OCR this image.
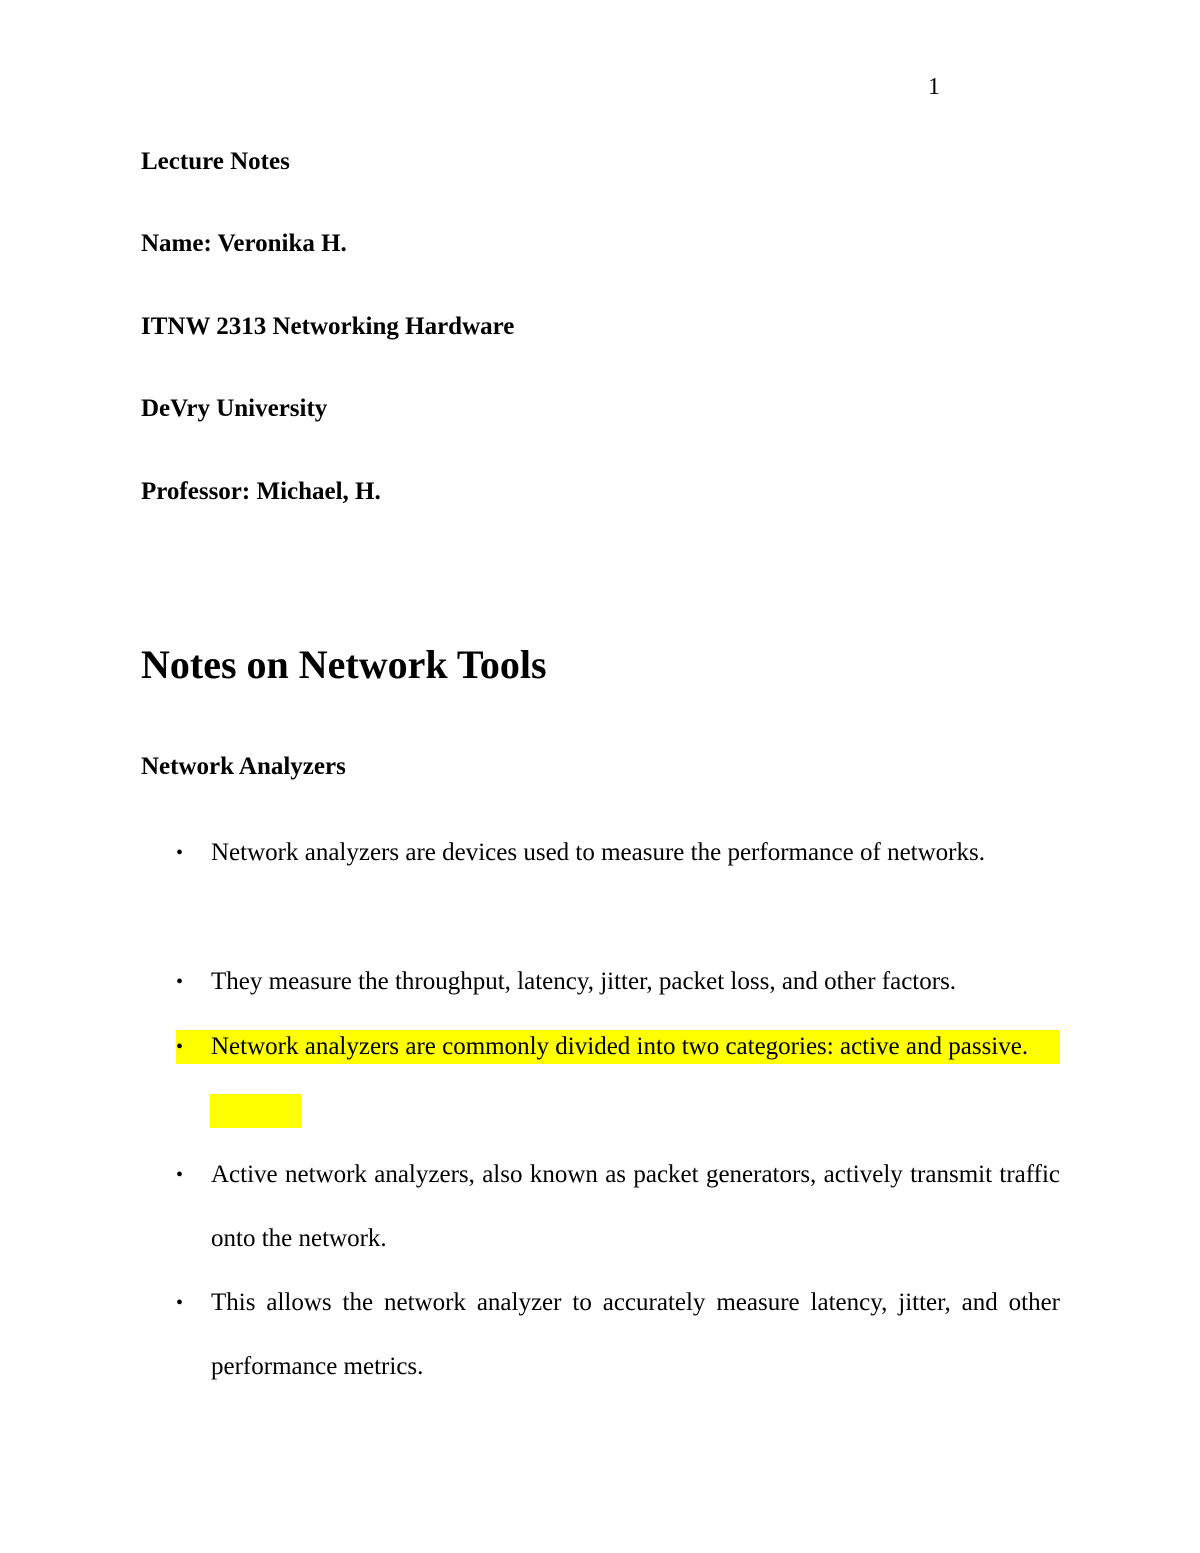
1

Lecture Notes

Name: Veronika H.

ITNW 2313 Networking Hardware

DeVry University

Professor: Michael, H.

Notes on Network Tools
Network Analyzers
•	Network analyzers are devices used to measure the performance of networks.
•	They measure the throughput, latency, jitter, packet loss, and other factors.
•	Network analyzers are commonly divided into two categories: active and passive.
•	Active network analyzers, also known as packet generators, actively transmit traffic onto the network.
•	This allows the network analyzer to accurately measure latency, jitter, and other performance metrics.
